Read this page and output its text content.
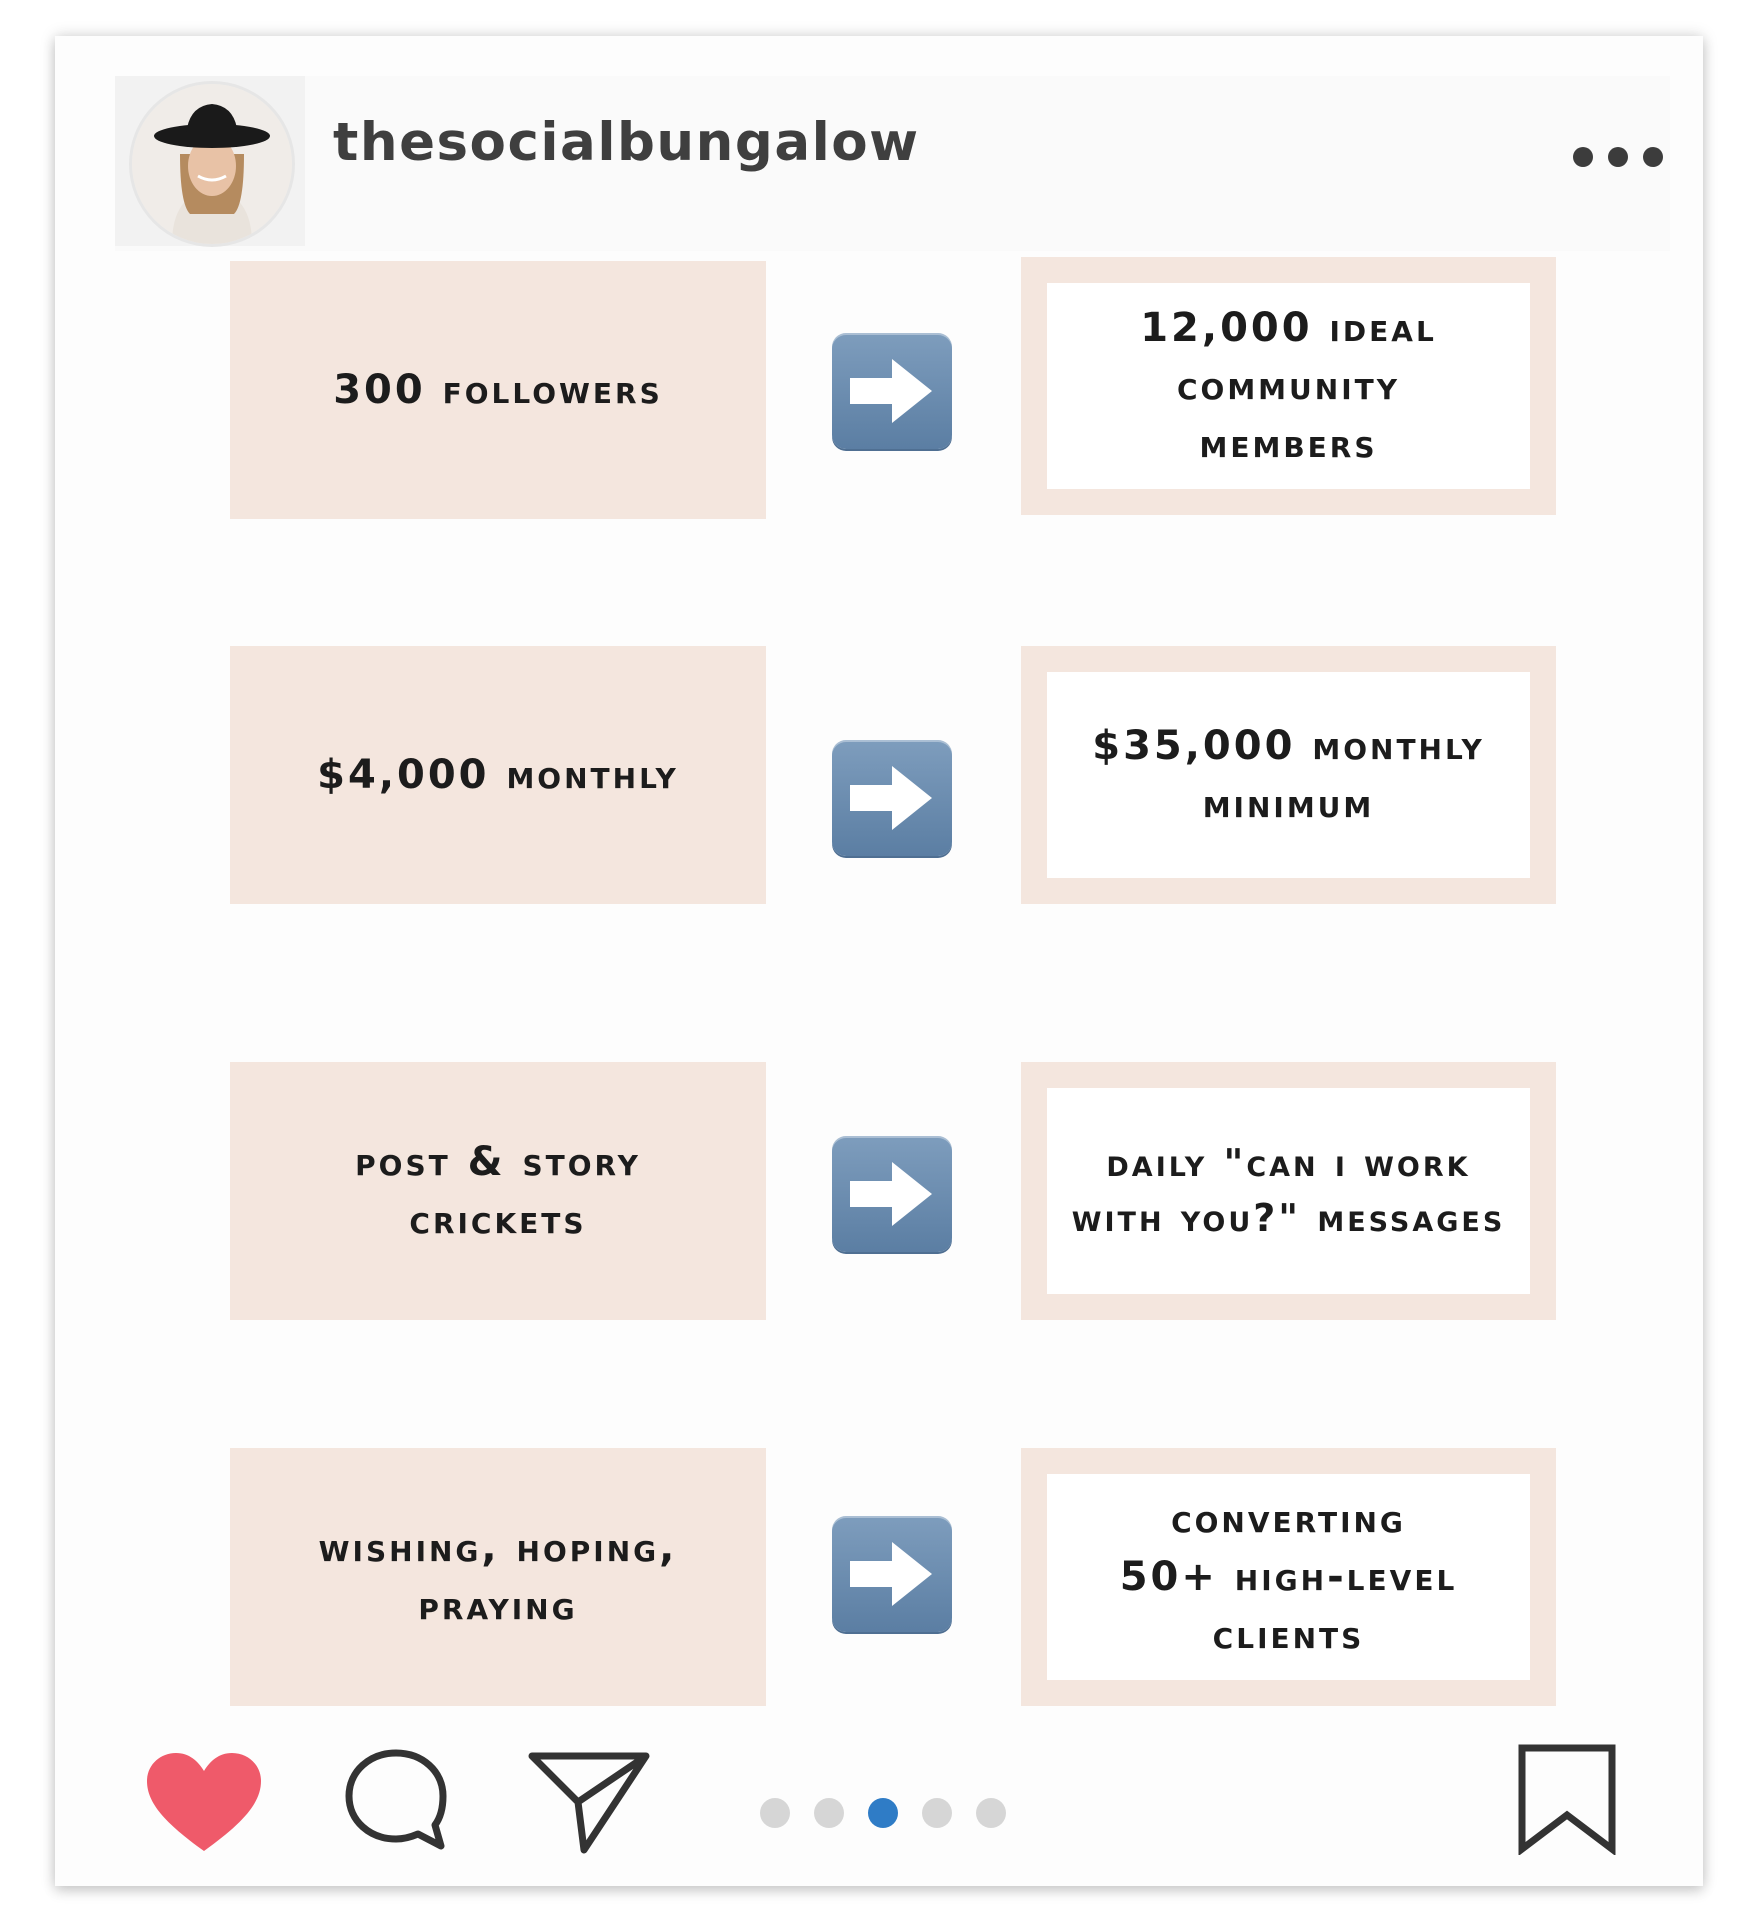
thesocialbungalow
300 followers
12,000 ideal
community
members
$4,000 monthly
$35,000 monthly
minimum
post & story
crickets
daily "can i work
with you?" messages
wishing, hoping,
praying
converting
50+ high-level
clients
